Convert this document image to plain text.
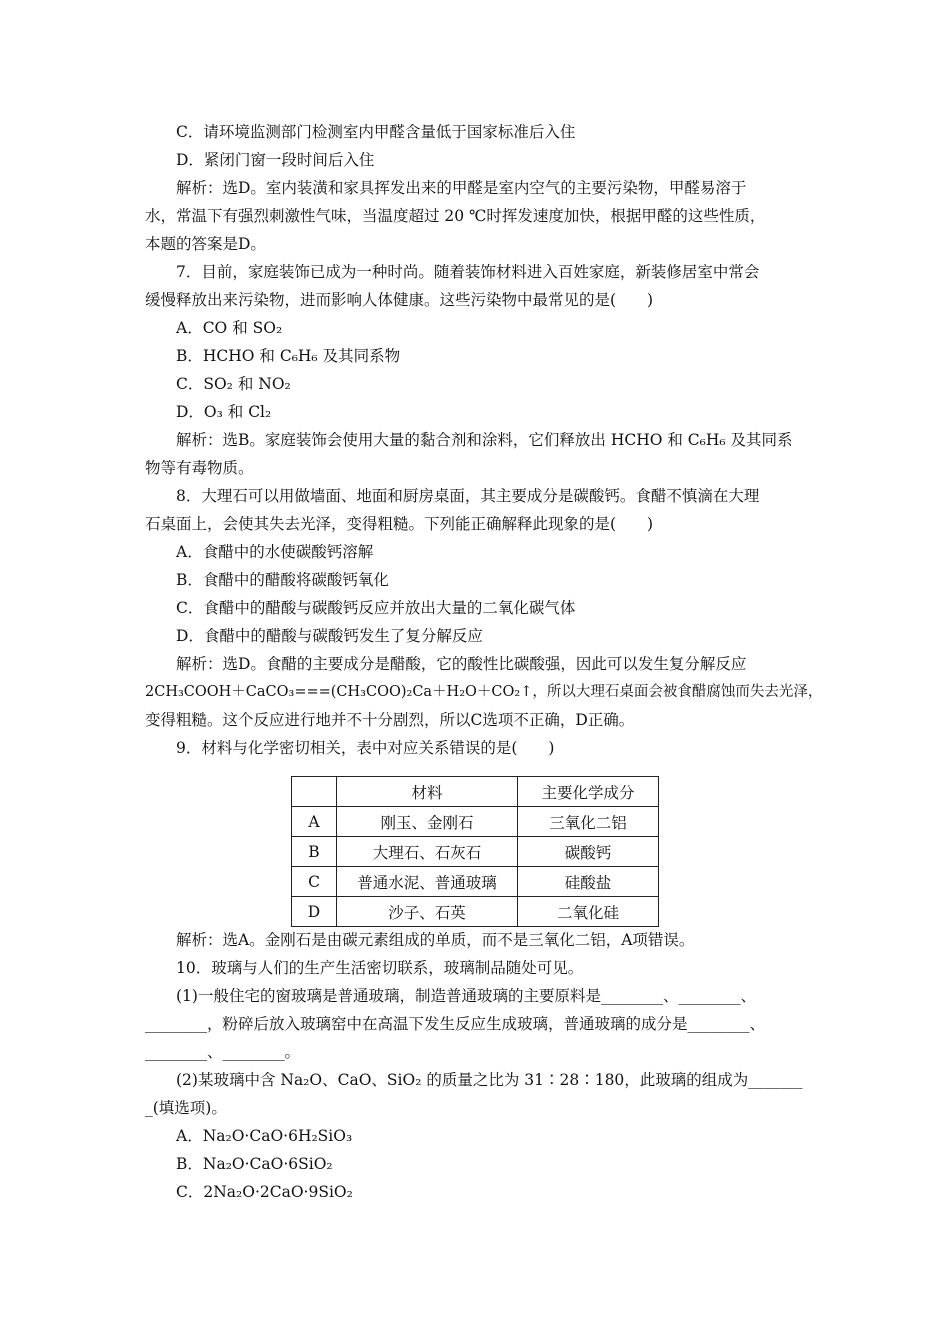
C．请环境监测部门检测室内甲醛含量低于国家标准后入住
D．紧闭门窗一段时间后入住
解析：选D。室内装潢和家具挥发出来的甲醛是室内空气的主要污染物，甲醛易溶于
水，常温下有强烈刺激性气味，当温度超过 20 ℃时挥发速度加快，根据甲醛的这些性质，
本题的答案是D。
7．目前，家庭装饰已成为一种时尚。随着装饰材料进入百姓家庭，新装修居室中常会
缓慢释放出来污染物，进而影响人体健康。这些污染物中最常见的是(　　)
A．CO 和 SO₂
B．HCHO 和 C₆H₆ 及其同系物
C．SO₂ 和 NO₂
D．O₃ 和 Cl₂
解析：选B。家庭装饰会使用大量的黏合剂和涂料，它们释放出 HCHO 和 C₆H₆ 及其同系
物等有毒物质。
8．大理石可以用做墙面、地面和厨房桌面，其主要成分是碳酸钙。食醋不慎滴在大理
石桌面上，会使其失去光泽，变得粗糙。下列能正确解释此现象的是(　　)
A．食醋中的水使碳酸钙溶解
B．食醋中的醋酸将碳酸钙氧化
C．食醋中的醋酸与碳酸钙反应并放出大量的二氧化碳气体
D．食醋中的醋酸与碳酸钙发生了复分解反应
解析：选D。食醋的主要成分是醋酸，它的酸性比碳酸强，因此可以发生复分解反应
2CH₃COOH＋CaCO₃===(CH₃COO)₂Ca＋H₂O＋CO₂↑，所以大理石桌面会被食醋腐蚀而失去光泽，
变得粗糙。这个反应进行地并不十分剧烈，所以C选项不正确，D正确。
9．材料与化学密切相关，表中对应关系错误的是(　　)
	材料	主要化学成分
A	刚玉、金刚石	三氧化二铝
B	大理石、石灰石	碳酸钙
C	普通水泥、普通玻璃	硅酸盐
D	沙子、石英	二氧化硅
解析：选A。金刚石是由碳元素组成的单质，而不是三氧化二铝，A项错误。
10．玻璃与人们的生产生活密切联系，玻璃制品随处可见。
(1)一般住宅的窗玻璃是普通玻璃，制造普通玻璃的主要原料是________、________、
________，粉碎后放入玻璃窑中在高温下发生反应生成玻璃，普通玻璃的成分是________、
________、________。
(2)某玻璃中含 Na₂O、CaO、SiO₂ 的质量之比为 31∶28∶180，此玻璃的组成为_______
_(填选项)。
A．Na₂O·CaO·6H₂SiO₃
B．Na₂O·CaO·6SiO₂
C．2Na₂O·2CaO·9SiO₂
